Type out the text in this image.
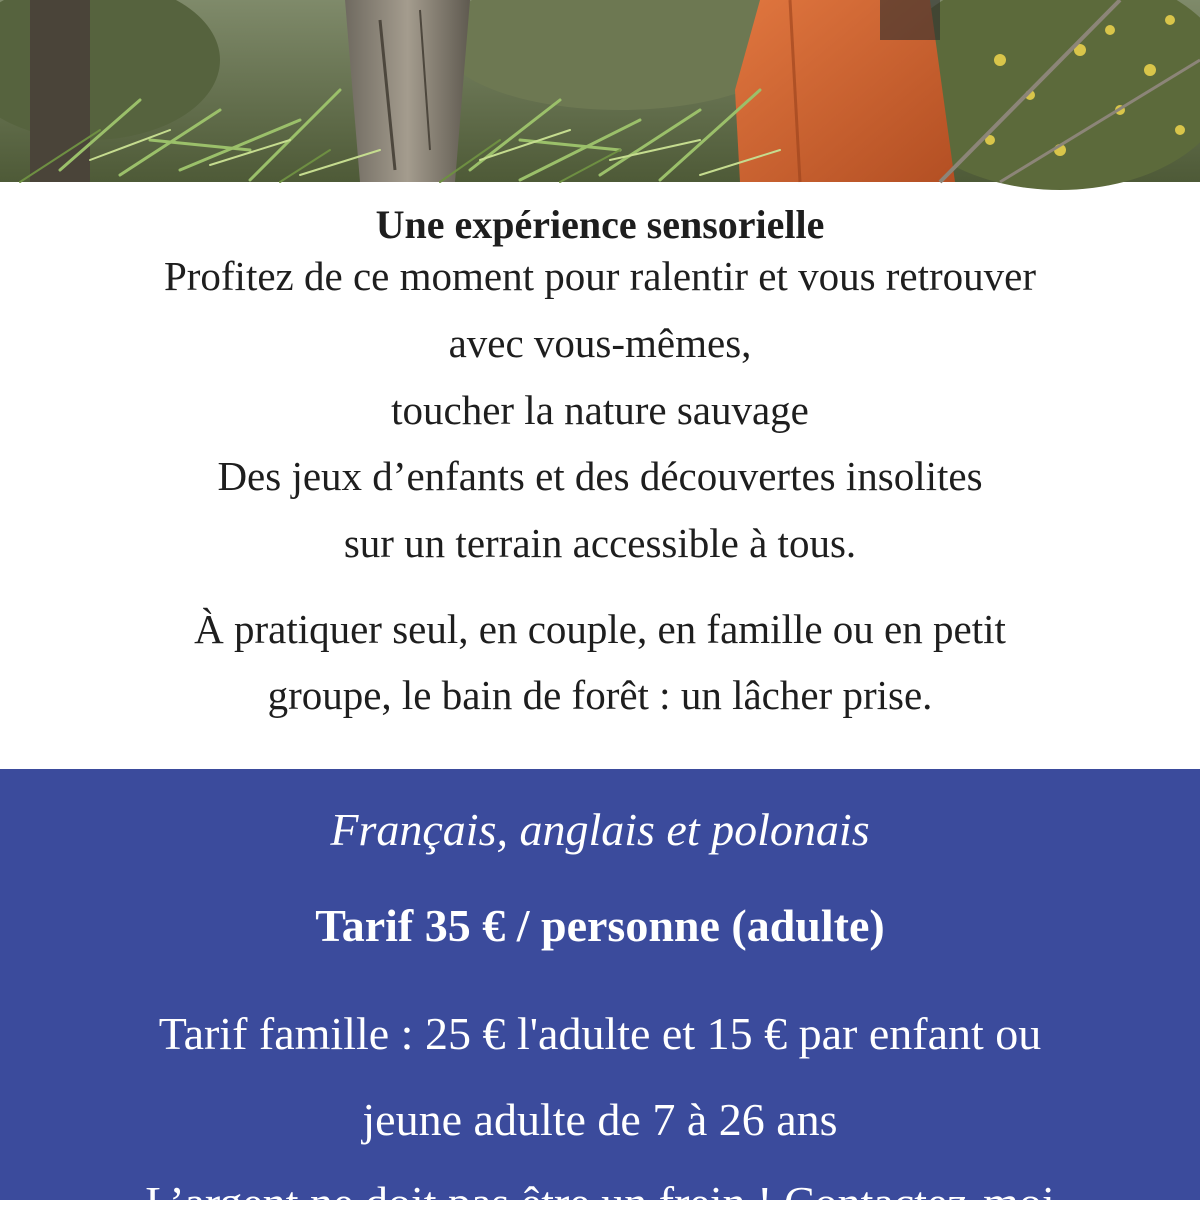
Une expérience sensorielle
Profitez de ce moment pour ralentir et vous retrouver
avec vous-mêmes,
toucher la nature sauvage
Des jeux d’enfants et des découvertes insolites
sur un terrain accessible à tous.
À pratiquer seul, en couple, en famille ou en petit
groupe, le bain de forêt : un lâcher prise.
Français, anglais et polonais
Tarif 35 € / personne (adulte)
Tarif famille : 25 € l'adulte et 15 € par enfant ou
jeune adulte de 7 à 26 ans
L’argent ne doit pas être un frein ! Contactez-moi
